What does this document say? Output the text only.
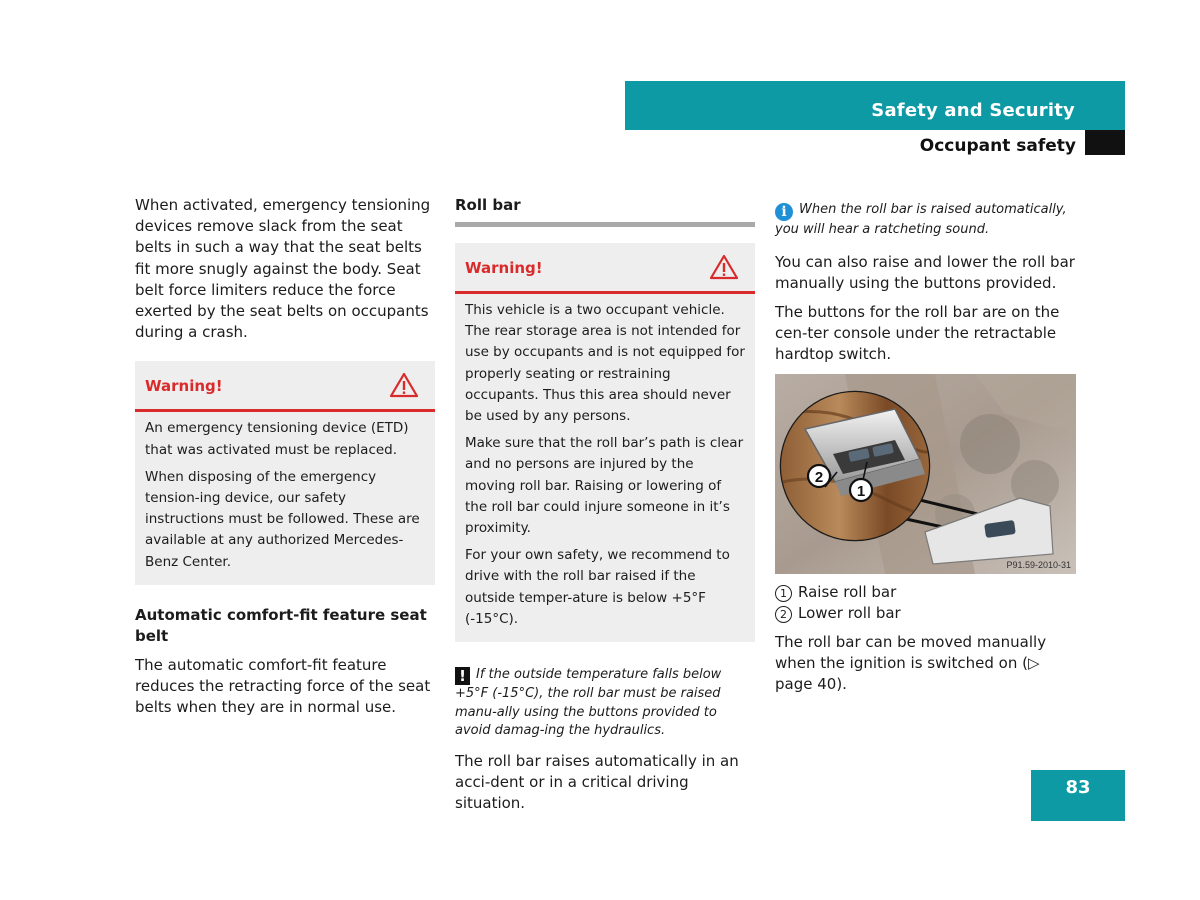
Safety and Security
Occupant safety

When activated, emergency tensioning devices remove slack from the seat belts in such a way that the seat belts fit more snugly against the body. Seat belt force limiters reduce the force exerted by the seat belts on occupants during a crash.

Warning!

An emergency tensioning device (ETD) that was activated must be replaced.

When disposing of the emergency tension-ing device, our safety instructions must be followed. These are available at any authorized Mercedes-Benz Center.

Automatic comfort-fit feature seat belt

The automatic comfort-fit feature reduces the retracting force of the seat belts when they are in normal use.

Roll bar

Warning!

This vehicle is a two occupant vehicle. The rear storage area is not intended for use by occupants and is not equipped for properly seating or restraining occupants. Thus this area should never be used by any persons.

Make sure that the roll bar’s path is clear and no persons are injured by the moving roll bar. Raising or lowering of the roll bar could injure someone in it’s proximity.

For your own safety, we recommend to drive with the roll bar raised if the outside temper-ature is below +5°F (-15°C).

! If the outside temperature falls below +5°F (-15°C), the roll bar must be raised manu-ally using the buttons provided to avoid damag-ing the hydraulics.

The roll bar raises automatically in an acci-dent or in a critical driving situation.

i When the roll bar is raised automatically, you will hear a ratcheting sound.

You can also raise and lower the roll bar manually using the buttons provided.

The buttons for the roll bar are on the cen-ter console under the retractable hardtop switch.

2
1
P91.59-2010-31
1 Raise roll bar
2 Lower roll bar

The roll bar can be moved manually when the ignition is switched on (▷ page 40).

83
